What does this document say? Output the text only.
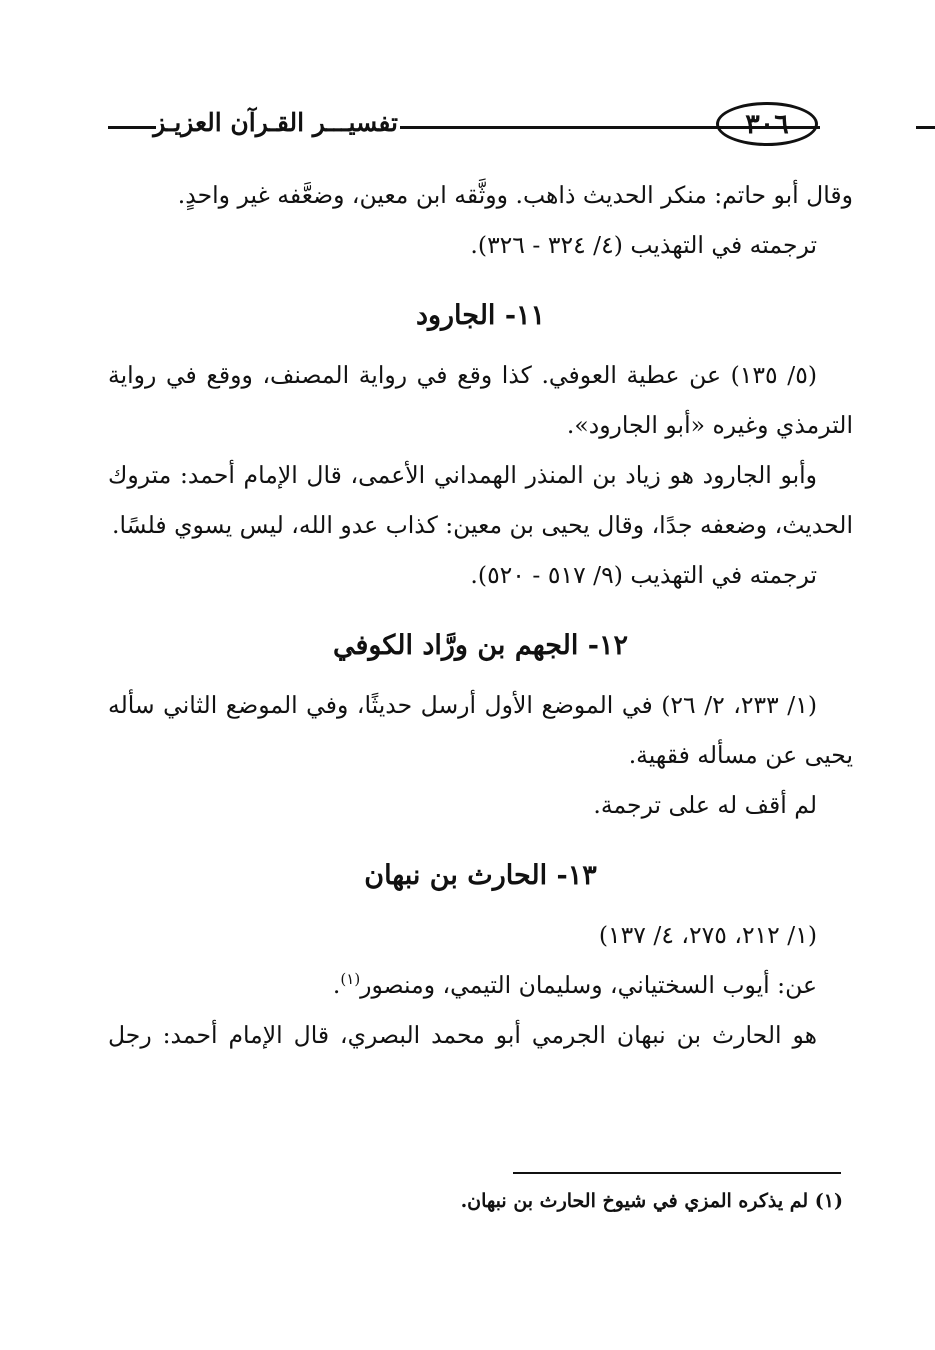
تفسيـــر القـرآن العزيـز	٣٠٦

وقال أبو حاتم: منكر الحديث ذاهب. ووثَّقه ابن معين، وضعَّفه غير واحدٍ.

ترجمته في التهذيب (٤/ ٣٢٤ - ٣٢٦).

١١- الجارود

(٥/ ١٣٥) عن عطية العوفي. كذا وقع في رواية المصنف، ووقع في رواية الترمذي وغيره «أبو الجارود».

وأبو الجارود هو زياد بن المنذر الهمداني الأعمى، قال الإمام أحمد: متروك الحديث، وضعفه جدًا، وقال يحيى بن معين: كذاب عدو الله، ليس يسوي فلسًا.

ترجمته في التهذيب (٩/ ٥١٧ - ٥٢٠).

١٢- الجهم بن ورَّاد الكوفي

(١/ ٢٣٣، ٢/ ٢٦) في الموضع الأول أرسل حديثًا، وفي الموضع الثاني سأله يحيى عن مسأله فقهية.

لم أقف له على ترجمة.

١٣- الحارث بن نبهان

(١/ ٢١٢، ٢٧٥، ٤/ ١٣٧)

عن: أيوب السختياني، وسليمان التيمي، ومنصور$^{(١)}$.

هو الحارث بن نبهان الجرمي أبو محمد البصري، قال الإمام أحمد: رجل

(١) لم يذكره المزي في شيوخ الحارث بن نبهان.
